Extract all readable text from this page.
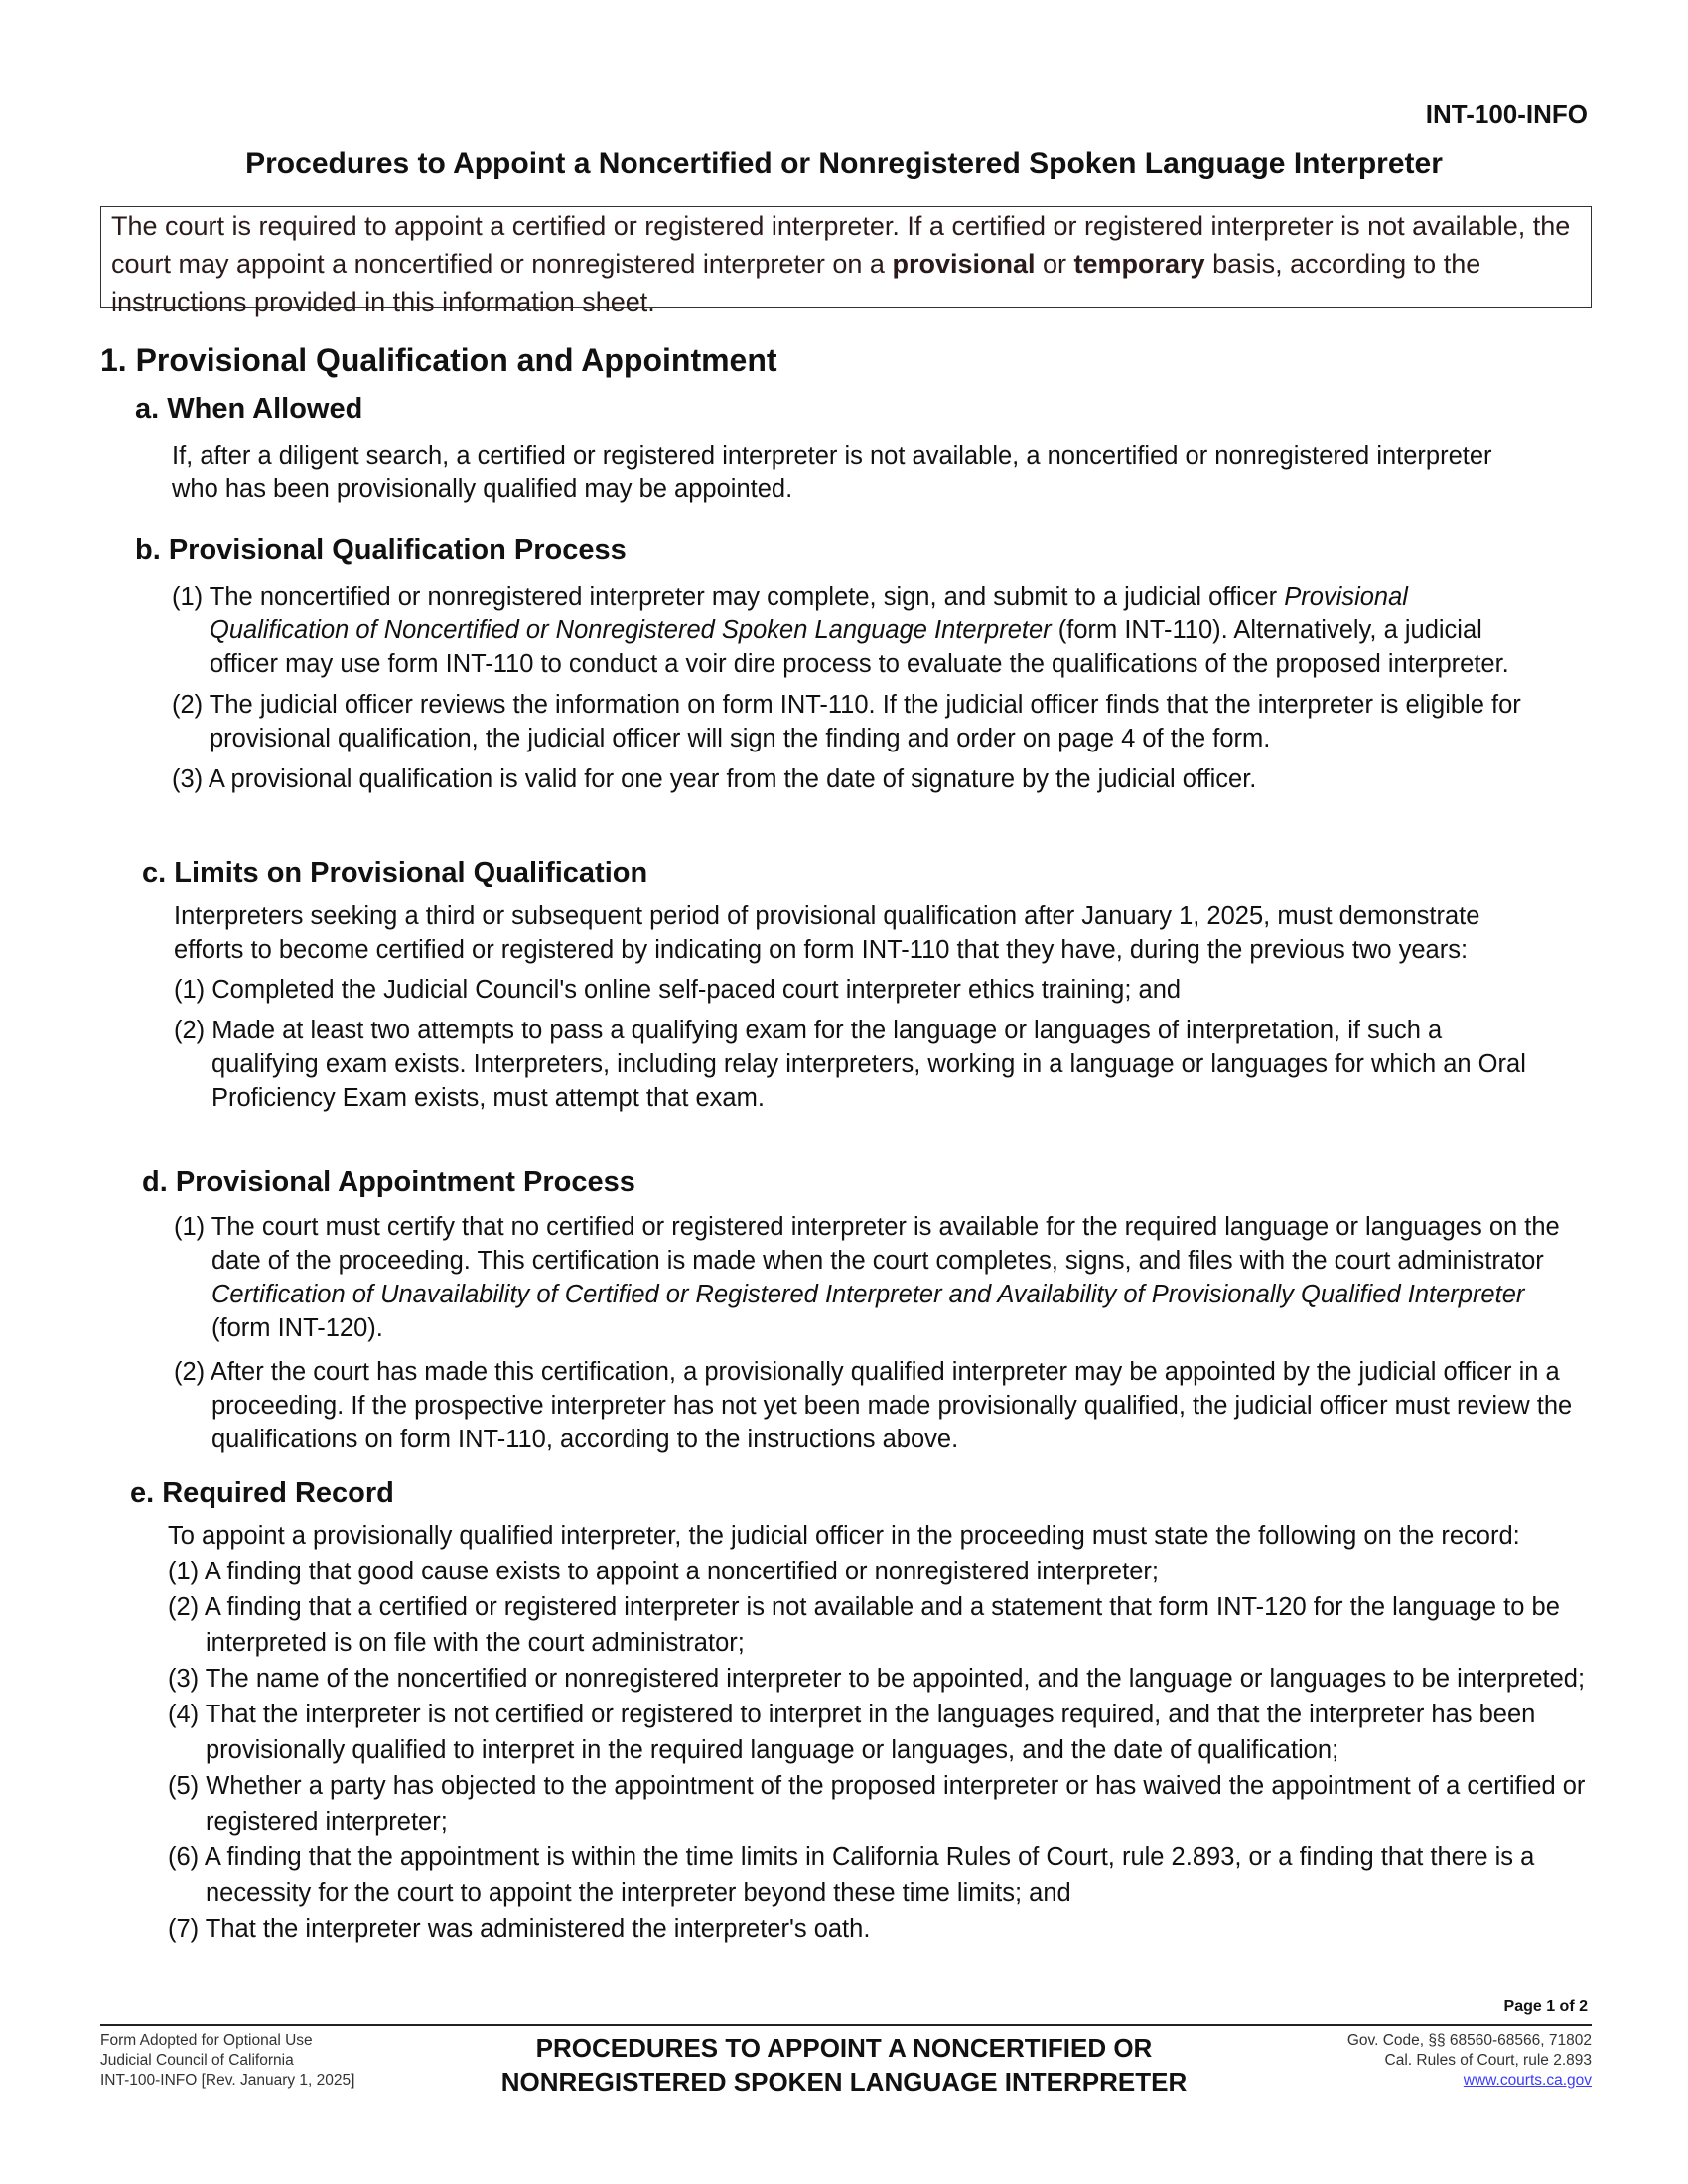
INT-100-INFO
Procedures to Appoint a Noncertified or Nonregistered Spoken Language Interpreter
The court is required to appoint a certified or registered interpreter. If a certified or registered interpreter is not available, the court may appoint a noncertified or nonregistered interpreter on a provisional or temporary basis, according to the instructions provided in this information sheet.
1. Provisional Qualification and Appointment
a. When Allowed
If, after a diligent search, a certified or registered interpreter is not available, a noncertified or nonregistered interpreter who has been provisionally qualified may be appointed.
b. Provisional Qualification Process
(1) The noncertified or nonregistered interpreter may complete, sign, and submit to a judicial officer Provisional Qualification of Noncertified or Nonregistered Spoken Language Interpreter (form INT-110). Alternatively, a judicial officer may use form INT-110 to conduct a voir dire process to evaluate the qualifications of the proposed interpreter.
(2) The judicial officer reviews the information on form INT-110. If the judicial officer finds that the interpreter is eligible for provisional qualification, the judicial officer will sign the finding and order on page 4 of the form.
(3) A provisional qualification is valid for one year from the date of signature by the judicial officer.
c. Limits on Provisional Qualification
Interpreters seeking a third or subsequent period of provisional qualification after January 1, 2025, must demonstrate efforts to become certified or registered by indicating on form INT-110 that they have, during the previous two years:
(1) Completed the Judicial Council's online self-paced court interpreter ethics training; and
(2) Made at least two attempts to pass a qualifying exam for the language or languages of interpretation, if such a qualifying exam exists. Interpreters, including relay interpreters, working in a language or languages for which an Oral Proficiency Exam exists, must attempt that exam.
d. Provisional Appointment Process
(1) The court must certify that no certified or registered interpreter is available for the required language or languages on the date of the proceeding. This certification is made when the court completes, signs, and files with the court administrator Certification of Unavailability of Certified or Registered Interpreter and Availability of Provisionally Qualified Interpreter (form INT-120).
(2) After the court has made this certification, a provisionally qualified interpreter may be appointed by the judicial officer in a proceeding. If the prospective interpreter has not yet been made provisionally qualified, the judicial officer must review the qualifications on form INT-110, according to the instructions above.
e. Required Record
To appoint a provisionally qualified interpreter, the judicial officer in the proceeding must state the following on the record:
(1) A finding that good cause exists to appoint a noncertified or nonregistered interpreter;
(2) A finding that a certified or registered interpreter is not available and a statement that form INT-120 for the language to be interpreted is on file with the court administrator;
(3) The name of the noncertified or nonregistered interpreter to be appointed, and the language or languages to be interpreted;
(4) That the interpreter is not certified or registered to interpret in the languages required, and that the interpreter has been provisionally qualified to interpret in the required language or languages, and the date of qualification;
(5) Whether a party has objected to the appointment of the proposed interpreter or has waived the appointment of a certified or registered interpreter;
(6) A finding that the appointment is within the time limits in California Rules of Court, rule 2.893, or a finding that there is a necessity for the court to appoint the interpreter beyond these time limits; and
(7) That the interpreter was administered the interpreter's oath.
Page 1 of 2
Form Adopted for Optional Use
Judicial Council of California
INT-100-INFO [Rev. January 1, 2025]
PROCEDURES TO APPOINT A NONCERTIFIED OR
NONREGISTERED SPOKEN LANGUAGE INTERPRETER
Gov. Code, §§ 68560-68566, 71802
Cal. Rules of Court, rule 2.893
www.courts.ca.gov
